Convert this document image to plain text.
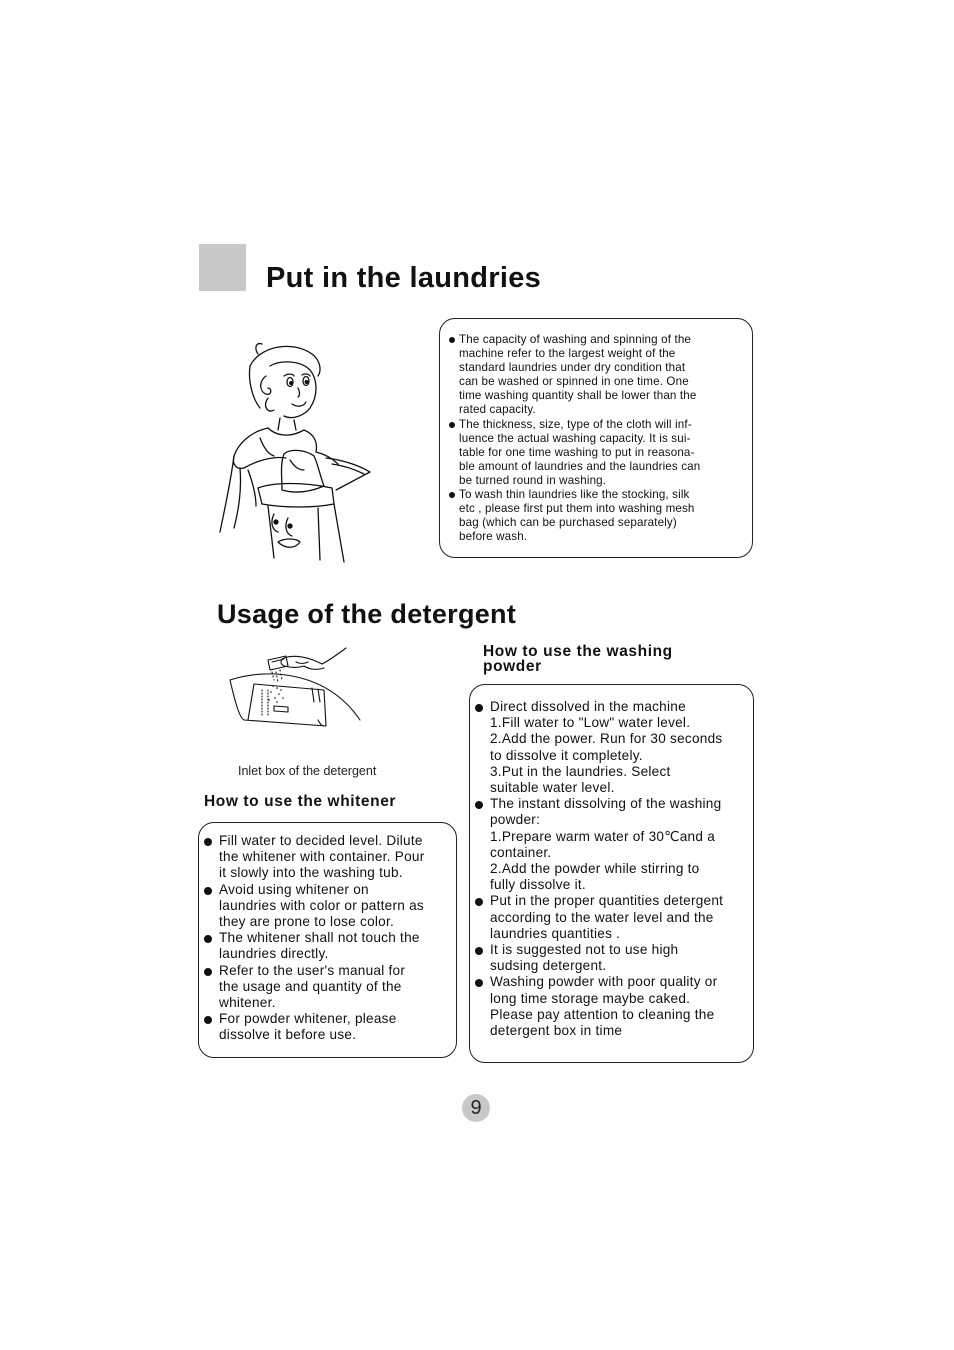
Put in the laundries
The capacity of washing and spinning of the
machine refer to the largest weight of the
standard laundries under dry condition that
can be washed or spinned in one time. One
time washing quantity shall be lower than the
rated capacity.
The thickness, size, type of the cloth will inf-
luence the actual washing capacity. It is sui-
table for one time washing to put in reasona-
ble amount of laundries and the laundries can
be turned round in washing.
To wash thin laundries like the stocking, silk
etc , please first put them into washing mesh
bag (which can be purchased separately)
before wash.
Usage of the detergent
Inlet box of the detergent
How to use the whitener
Fill water to decided level. Dilute
the whitener with container. Pour
it slowly into the washing tub.
Avoid using whitener on
laundries with color or pattern as
they are prone to lose color.
The whitener shall not touch the
laundries directly.
Refer to the user's manual for
the usage and quantity of the
whitener.
For powder whitener, please
dissolve it before use.
How to use the washing
powder
Direct dissolved in the machine
1.Fill water to "Low" water level.
2.Add the power. Run for 30 seconds
to dissolve it completely.
3.Put in the laundries. Select
suitable water level.
The instant dissolving of the washing
powder:
1.Prepare warm water of 30℃and a
container.
2.Add the powder while stirring to
fully dissolve it.
Put in the proper quantities detergent
according to the water level and the
laundries quantities .
It is suggested not to use high
sudsing detergent.
Washing powder with poor quality or
long time storage maybe caked.
Please pay attention to cleaning the
detergent box in time
9
